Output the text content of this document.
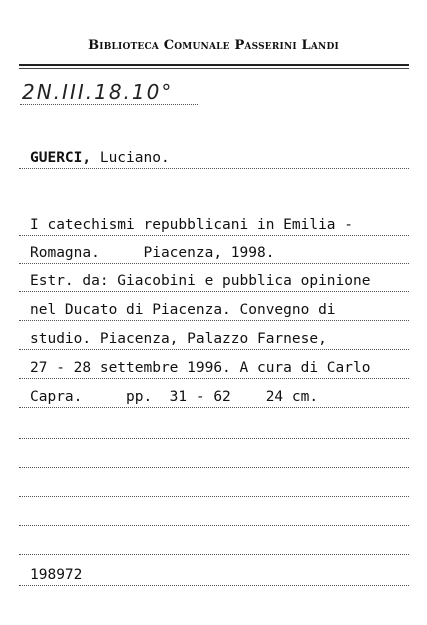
Biblioteca Comunale Passerini Landi
2N.III.18.10°
GUERCI, Luciano.
I catechismi repubblicani in Emilia -
Romagna.     Piacenza, 1998.
Estr. da: Giacobini e pubblica opinione
nel Ducato di Piacenza. Convegno di
studio. Piacenza, Palazzo Farnese,
27 - 28 settembre 1996. A cura di Carlo
Capra.     pp.  31 - 62    24 cm.
198972
